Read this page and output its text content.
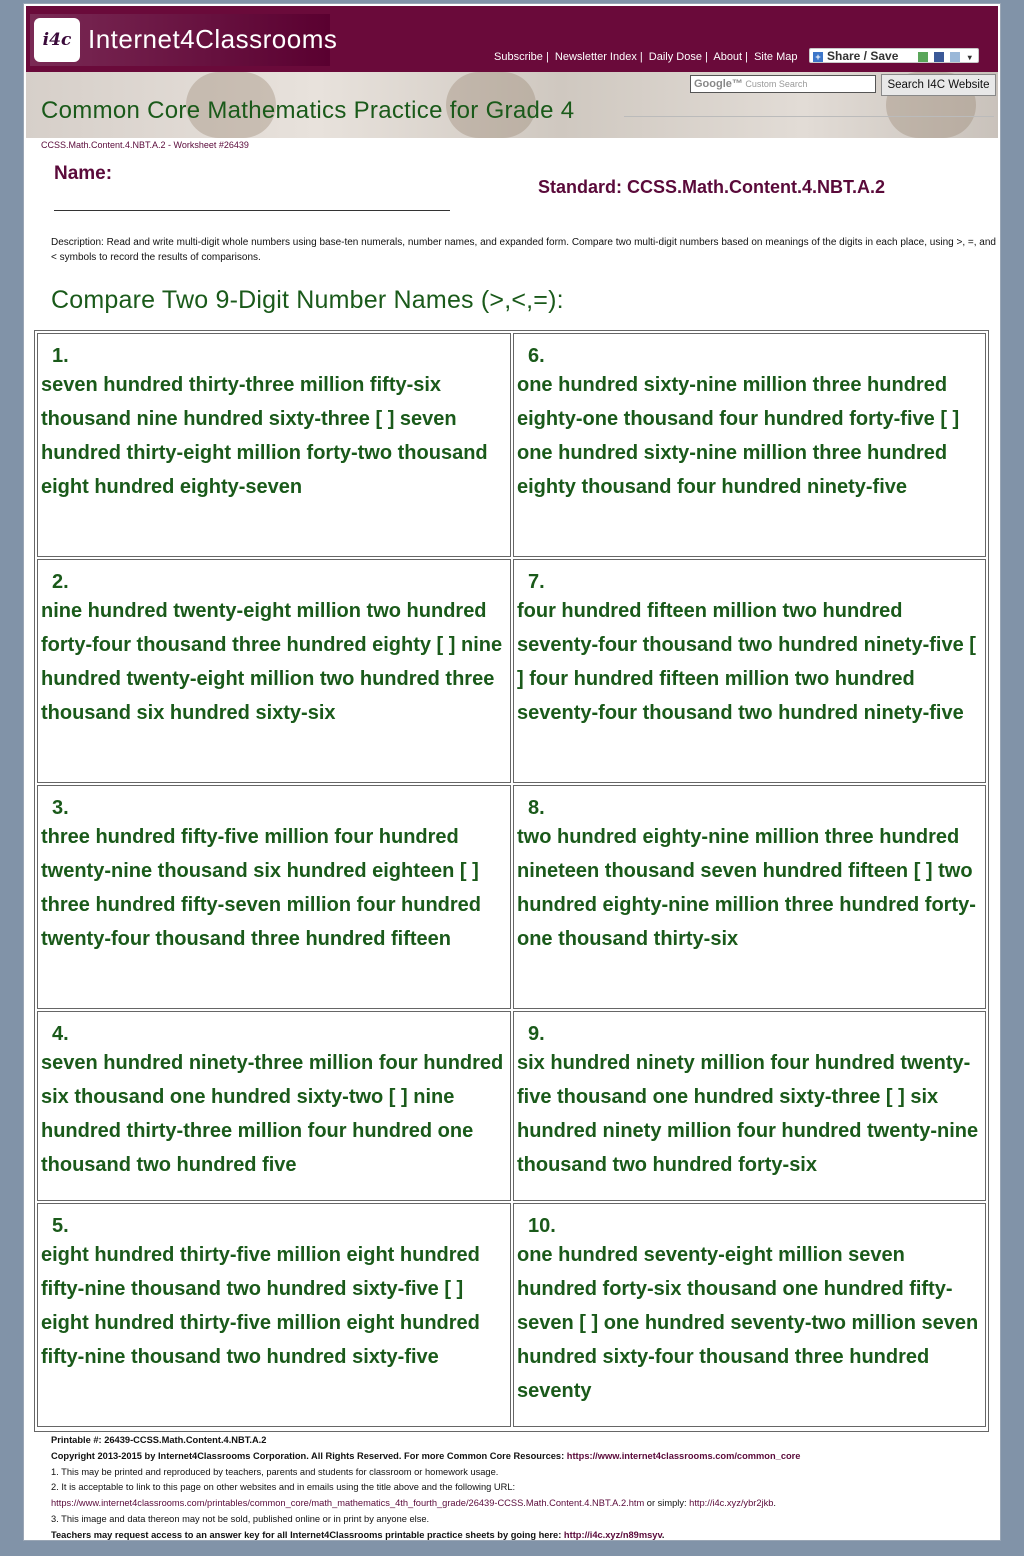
i4c Internet4Classrooms
Subscribe | Newsletter Index | Daily Dose | About | Site Map	+ Share / Save	▾
Google™ Custom Search	Search I4C Website
Common Core Mathematics Practice for Grade 4
CCSS.Math.Content.4.NBT.A.2 - Worksheet #26439
Name:
Standard: CCSS.Math.Content.4.NBT.A.2
Description: Read and write multi-digit whole numbers using base-ten numerals, number names, and expanded form. Compare two multi-digit numbers based on meanings of the digits in each place, using >, =, and < symbols to record the results of comparisons.
Compare Two 9-Digit Number Names (>,<,=):
1.
seven hundred thirty-three million fifty-six thousand nine hundred sixty-three [ ] seven hundred thirty-eight million forty-two thousand eight hundred eighty-seven
6.
one hundred sixty-nine million three hundred eighty-one thousand four hundred forty-five [ ] one hundred sixty-nine million three hundred eighty thousand four hundred ninety-five
2.
nine hundred twenty-eight million two hundred forty-four thousand three hundred eighty [ ] nine hundred twenty-eight million two hundred three thousand six hundred sixty-six
7.
four hundred fifteen million two hundred seventy-four thousand two hundred ninety-five [ ] four hundred fifteen million two hundred seventy-four thousand two hundred ninety-five
3.
three hundred fifty-five million four hundred twenty-nine thousand six hundred eighteen [ ] three hundred fifty-seven million four hundred twenty-four thousand three hundred fifteen
8.
two hundred eighty-nine million three hundred nineteen thousand seven hundred fifteen [ ] two hundred eighty-nine million three hundred forty-one thousand thirty-six
4.
seven hundred ninety-three million four hundred six thousand one hundred sixty-two [ ] nine hundred thirty-three million four hundred one thousand two hundred five
9.
six hundred ninety million four hundred twenty-five thousand one hundred sixty-three [ ] six hundred ninety million four hundred twenty-nine thousand two hundred forty-six
5.
eight hundred thirty-five million eight hundred fifty-nine thousand two hundred sixty-five [ ] eight hundred thirty-five million eight hundred fifty-nine thousand two hundred sixty-five
10.
one hundred seventy-eight million seven hundred forty-six thousand one hundred fifty-seven [ ] one hundred seventy-two million seven hundred sixty-four thousand three hundred seventy
Printable #: 26439-CCSS.Math.Content.4.NBT.A.2
Copyright 2013-2015 by Internet4Classrooms Corporation. All Rights Reserved. For more Common Core Resources: https://www.internet4classrooms.com/common_core
1. This may be printed and reproduced by teachers, parents and students for classroom or homework usage.
2. It is acceptable to link to this page on other websites and in emails using the title above and the following URL:
https://www.internet4classrooms.com/printables/common_core/math_mathematics_4th_fourth_grade/26439-CCSS.Math.Content.4.NBT.A.2.htm or simply: http://i4c.xyz/ybr2jkb.
3. This image and data thereon may not be sold, published online or in print by anyone else.
Teachers may request access to an answer key for all Internet4Classrooms printable practice sheets by going here: http://i4c.xyz/n89msyv.
